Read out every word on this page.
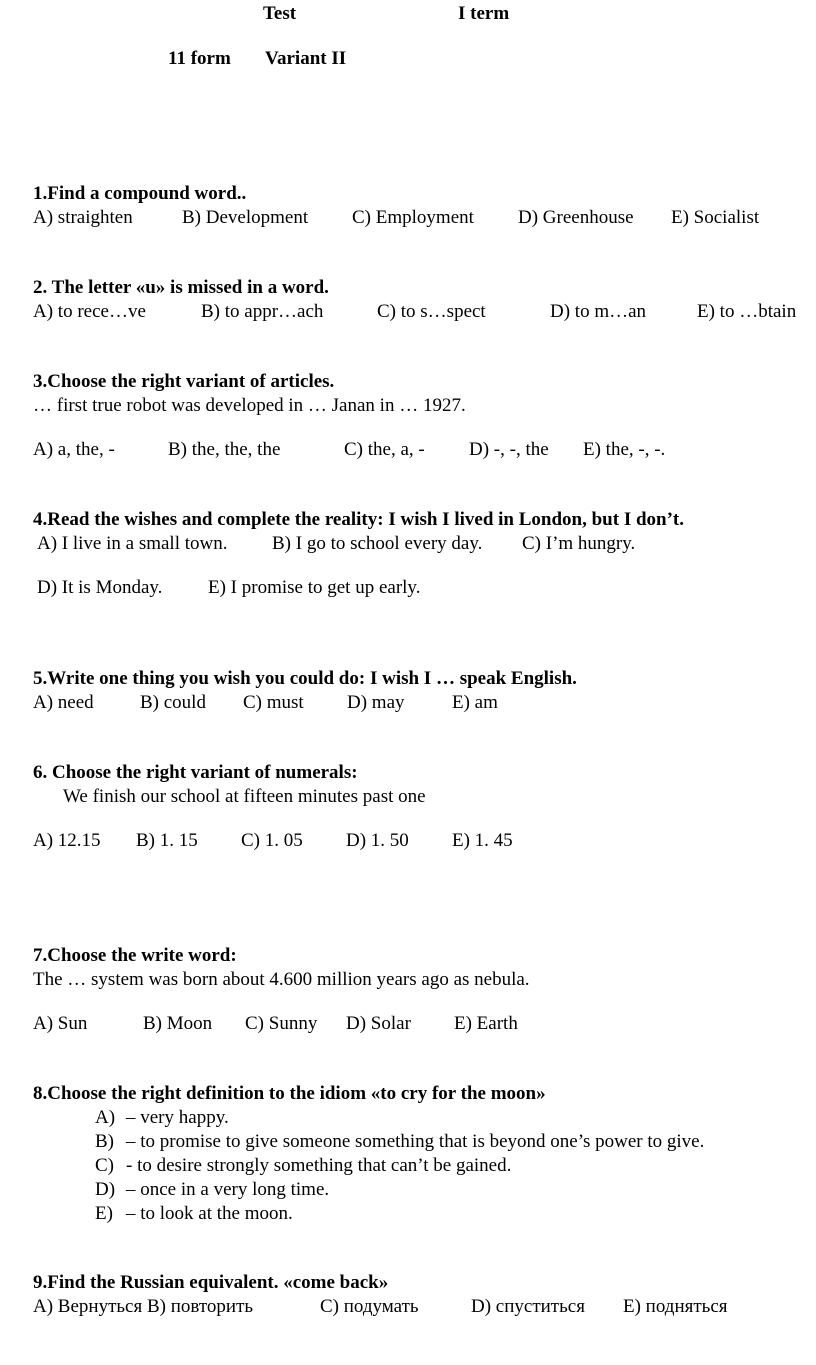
Test	I term
11 form Variant II
1.Find a compound word..
A) straighten	B) Development C) Employment D) Greenhouse E) Socialist
2. The letter «u» is missed in a word.
A) to rece…ve	B) to appr…ach	C) to s…spect	D) to m…an	E) to …btain
3.Choose the right variant of articles.
… first true robot was developed in … Janan in … 1927.
A) a, the, -	B) the, the, the	C) the, a, - D) -, -, the E) the, -, -.
4.Read the wishes and complete the reality: I wish I lived in London, but I don’t.
A) I live in a small town. B) I go to school every day. C) I’m hungry.
D) It is Monday. E) I promise to get up early.
5.Write one thing you wish you could do: I wish I … speak English.
A) need B) could C) must D) may E) am
6. Choose the right variant of numerals:
We finish our school at fifteen minutes past one
A) 12.15 B) 1. 15 C) 1. 05 D) 1. 50 E) 1. 45
7.Choose the write word:
The … system was born about 4.600 million years ago as nebula.
A) Sun	B) Moon C) Sunny D) Solar E) Earth
8.Choose the right definition to the idiom «to cry for the moon»
A) – very happy.
B) – to promise to give someone something that is beyond one’s power to give.
C) - to desire strongly something that can’t be gained.
D) – once in a very long time.
E) – to look at the moon.
9.Find the Russian equivalent. «come back»
A) Вернуться В) повторить	С) подумать	D) спуститься Е) подняться
